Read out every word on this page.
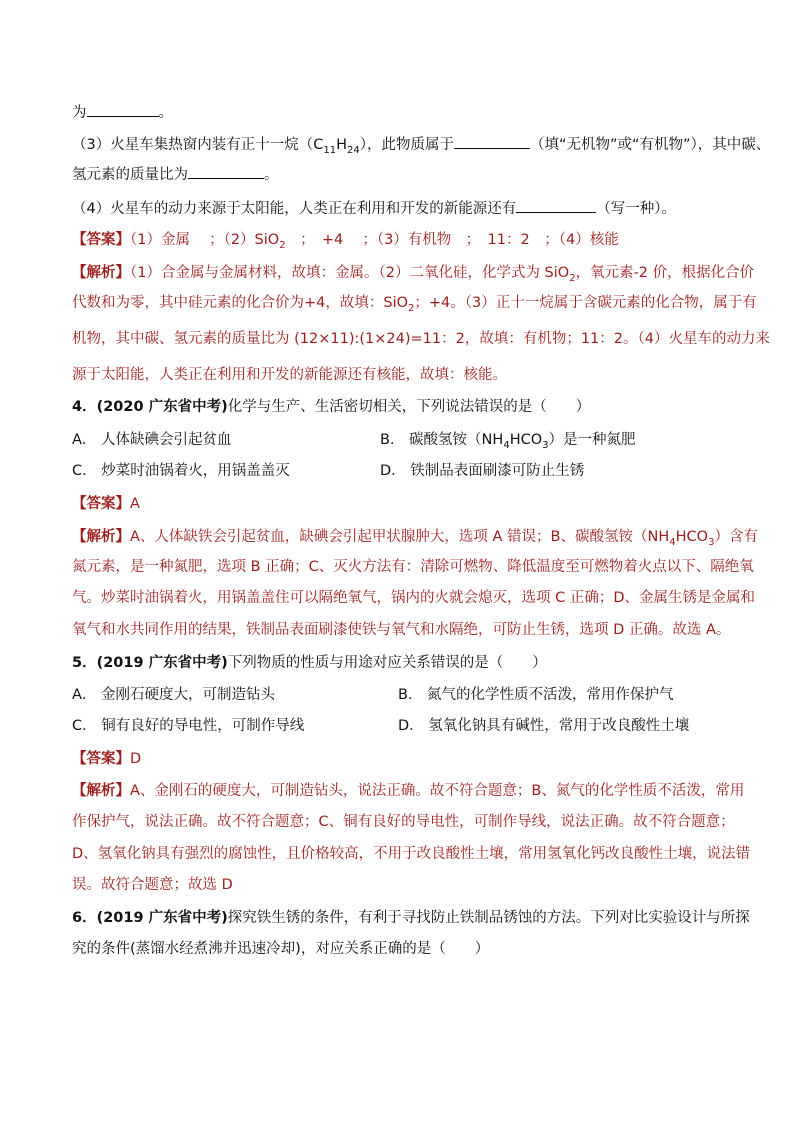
为	。
（3）火星车集热窗内装有正十一烷$(C_{11}H_{24})$，此物质属于	（填“无机物”或“有机物”），其中碳、
氢元素的质量比为	。
（4）火星车的动力来源于太阳能，人类正在利用和开发的新能源还有	（写一种）。
【答案】（1）金属　 ；（2）SiO$_2$　；　+4　 ；（3）有机物　；　11：2　；（4）核能
【解析】（1）合金属与金属材料，故填：金属。（2）二氧化硅，化学式为 SiO$_2$，氧元素-2 价，根据化合价
代数和为零，其中硅元素的化合价为+4，故填：SiO$_2$；+4。（3）正十一烷属于含碳元素的化合物，属于有
机物，其中碳、氢元素的质量比为 (12×11):(1×24)=11：2，故填：有机物；11：2。（4）火星车的动力来
源于太阳能，人类正在利用和开发的新能源还有核能，故填：核能。
4．(2020 广东省中考)化学与生产、生活密切相关，下列说法错误的是（　　）
A． 人体缺碘会引起贫血	B． 碳酸氢铵$(NH_4HCO_3)$是一种氮肥
C． 炒菜时油锅着火，用锅盖盖灭	D． 铁制品表面刷漆可防止生锈
【答案】A
【解析】A、人体缺铁会引起贫血，缺碘会引起甲状腺肿大，选项 A 错误；B、碳酸氢铵$(NH_4HCO_3)$含有
氮元素，是一种氮肥，选项 B 正确；C、灭火方法有：清除可燃物、降低温度至可燃物着火点以下、隔绝氧
气。炒菜时油锅着火，用锅盖盖住可以隔绝氧气，锅内的火就会熄灭，选项 C 正确；D、金属生锈是金属和
氧气和水共同作用的结果，铁制品表面刷漆使铁与氧气和水隔绝，可防止生锈，选项 D 正确。故选 A。
5．(2019 广东省中考)下列物质的性质与用途对应关系错误的是（　　）
A． 金刚石硬度大，可制造钻头	B． 氮气的化学性质不活泼，常用作保护气
C． 铜有良好的导电性，可制作导线	D． 氢氧化钠具有碱性，常用于改良酸性土壤
【答案】D
【解析】A、金刚石的硬度大，可制造钻头，说法正确。故不符合题意；B、氮气的化学性质不活泼，常用
作保护气，说法正确。故不符合题意；C、铜有良好的导电性，可制作导线，说法正确。故不符合题意；
D、氢氧化钠具有强烈的腐蚀性，且价格较高，不用于改良酸性土壤，常用氢氧化钙改良酸性土壤，说法错
误。故符合题意；故选 D
6．(2019 广东省中考)探究铁生锈的条件，有利于寻找防止铁制品锈蚀的方法。下列对比实验设计与所探
究的条件(蒸馏水经煮沸并迅速冷却)，对应关系正确的是（　　）
